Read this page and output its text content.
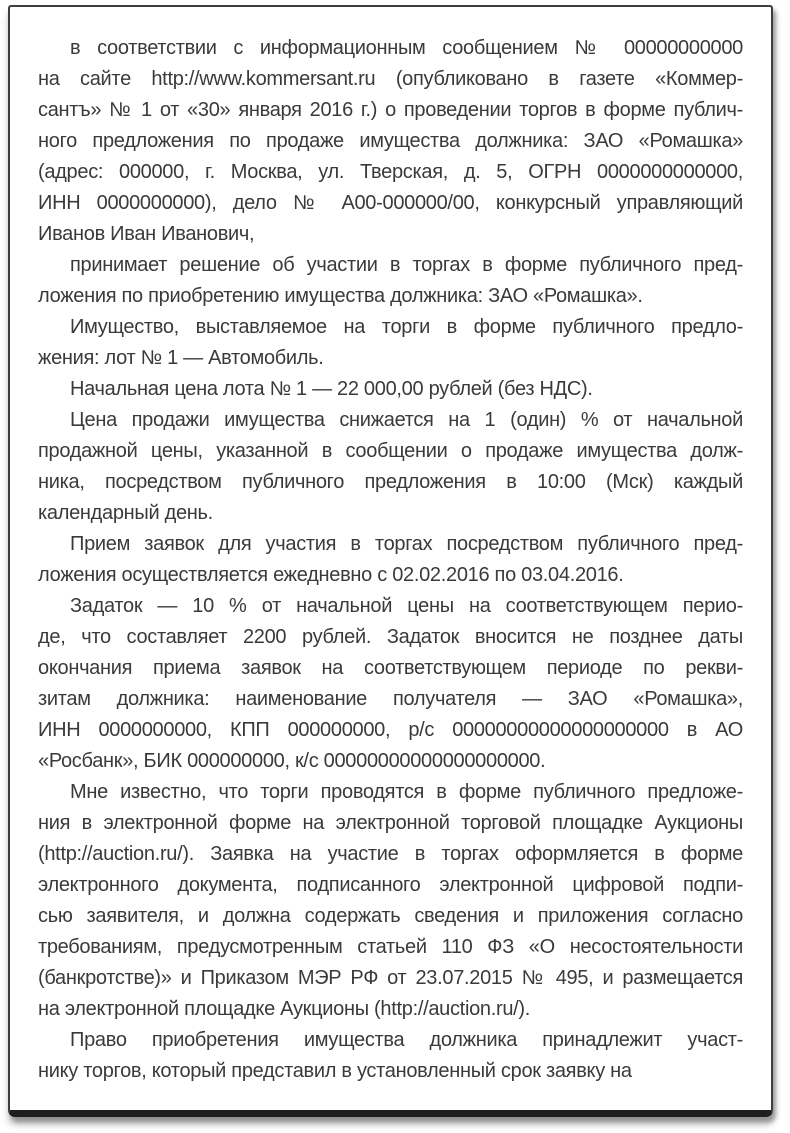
в соответствии с информационным сообщением № 00000000000
на сайте http://www.kommersant.ru (опубликовано в газете «Коммер-
сантъ» № 1 от «30» января 2016 г.) о проведении торгов в форме публич-
ного предложения по продаже имущества должника: ЗАО «Ромашка»
(адрес: 000000, г. Москва, ул. Тверская, д. 5, ОГРН 0000000000000,
ИНН 0000000000), дело № А00-000000/00, конкурсный управляющий
Иванов Иван Иванович,
принимает решение об участии в торгах в форме публичного пред-
ложения по приобретению имущества должника: ЗАО «Ромашка».
Имущество, выставляемое на торги в форме публичного предло-
жения: лот № 1 — Автомобиль.
Начальная цена лота № 1 — 22 000,00 рублей (без НДС).
Цена продажи имущества снижается на 1 (один) % от начальной
продажной цены, указанной в сообщении о продаже имущества долж-
ника, посредством публичного предложения в 10:00 (Мск) каждый
календарный день.
Прием заявок для участия в торгах посредством публичного пред-
ложения осуществляется ежедневно с 02.02.2016 по 03.04.2016.
Задаток — 10 % от начальной цены на соответствующем перио-
де, что составляет 2200 рублей. Задаток вносится не позднее даты
окончания приема заявок на соответствующем периоде по рекви-
зитам должника: наименование получателя — ЗАО «Ромашка»,
ИНН 0000000000, КПП 000000000, р/с 00000000000000000000 в АО
«Росбанк», БИК 000000000, к/с 00000000000000000000.
Мне известно, что торги проводятся в форме публичного предложе-
ния в электронной форме на электронной торговой площадке Аукционы
(http://auction.ru/). Заявка на участие в торгах оформляется в форме
электронного документа, подписанного электронной цифровой подпи-
сью заявителя, и должна содержать сведения и приложения согласно
требованиям, предусмотренным статьей 110 ФЗ «О несостоятельности
(банкротстве)» и Приказом МЭР РФ от 23.07.2015 № 495, и размещается
на электронной площадке Аукционы (http://auction.ru/).
Право приобретения имущества должника принадлежит участ-
нику торгов, который представил в установленный срок заявку на
